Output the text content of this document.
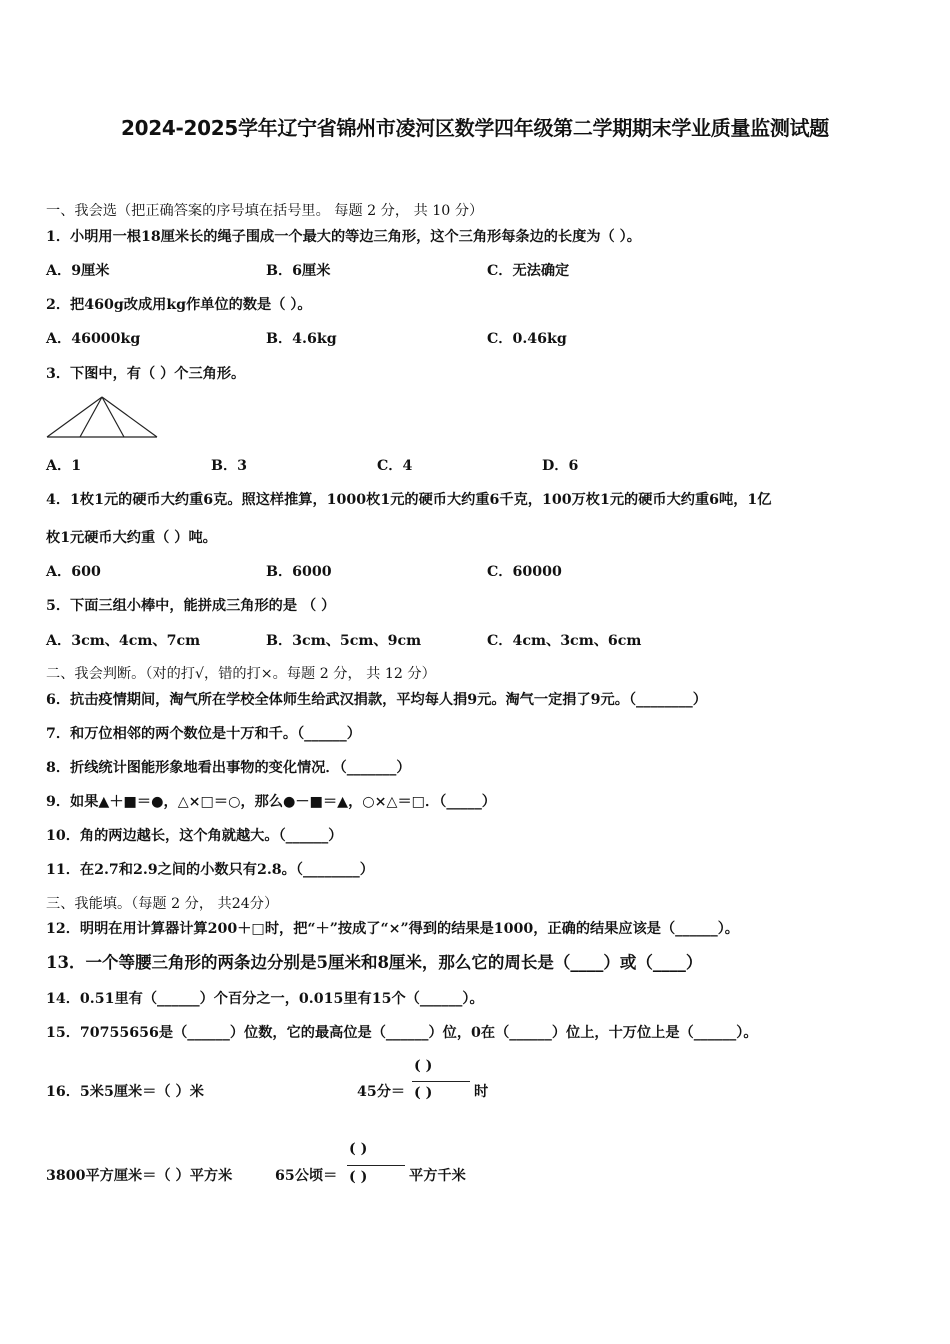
2024-2025学年辽宁省锦州市凌河区数学四年级第二学期期末学业质量监测试题
一、我会选（把正确答案的序号填在括号里。 每题 2 分， 共 10 分）
1．小明用一根18厘米长的绳子围成一个最大的等边三角形，这个三角形每条边的长度为（ ）。
A．9厘米	B．6厘米	C．无法确定
2．把460g改成用kg作单位的数是（ ）。
A．46000kg	B．4.6kg	C．0.46kg
3．下图中，有（ ）个三角形。
A．1	B．3	C．4	D．6
4．1枚1元的硬币大约重6克。照这样推算，1000枚1元的硬币大约重6千克，100万枚1元的硬币大约重6吨，1亿
枚1元硬币大约重（ ）吨。
A．600	B．6000	C．60000
5．下面三组小棒中，能拼成三角形的是 （ ）
A．3cm、4cm、7cm	B．3cm、5cm、9cm	C．4cm、3cm、6cm
二、我会判断。（对的打√，错的打×。每题 2 分， 共 12 分）
6．抗击疫情期间，淘气所在学校全体师生给武汉捐款，平均每人捐9元。淘气一定捐了9元。（________）
7．和万位相邻的两个数位是十万和千。（______）
8．折线统计图能形象地看出事物的变化情况．（_______）
9．如果▲＋■＝●，△×□＝○，那么●－■＝▲，○×△＝□．（_____）
10．角的两边越长，这个角就越大。（______）
11．在2.7和2.9之间的小数只有2.8。（________）
三、我能填。（每题 2 分， 共24分）
12．明明在用计算器计算200＋□时，把“＋”按成了“×”得到的结果是1000，正确的结果应该是（______）。
13．一个等腰三角形的两条边分别是5厘米和8厘米，那么它的周长是（____）或（____）
14．0.51里有（______）个百分之一，0.015里有15个（______）。
15．70755656是（______）位数，它的最高位是（______）位，0在（______）位上，十万位上是（______）。
16．5米5厘米＝（ ）米	45分＝
( )
( )	时
3800平方厘米＝（ ）平方米	65公顷＝
( )
( )	平方千米
